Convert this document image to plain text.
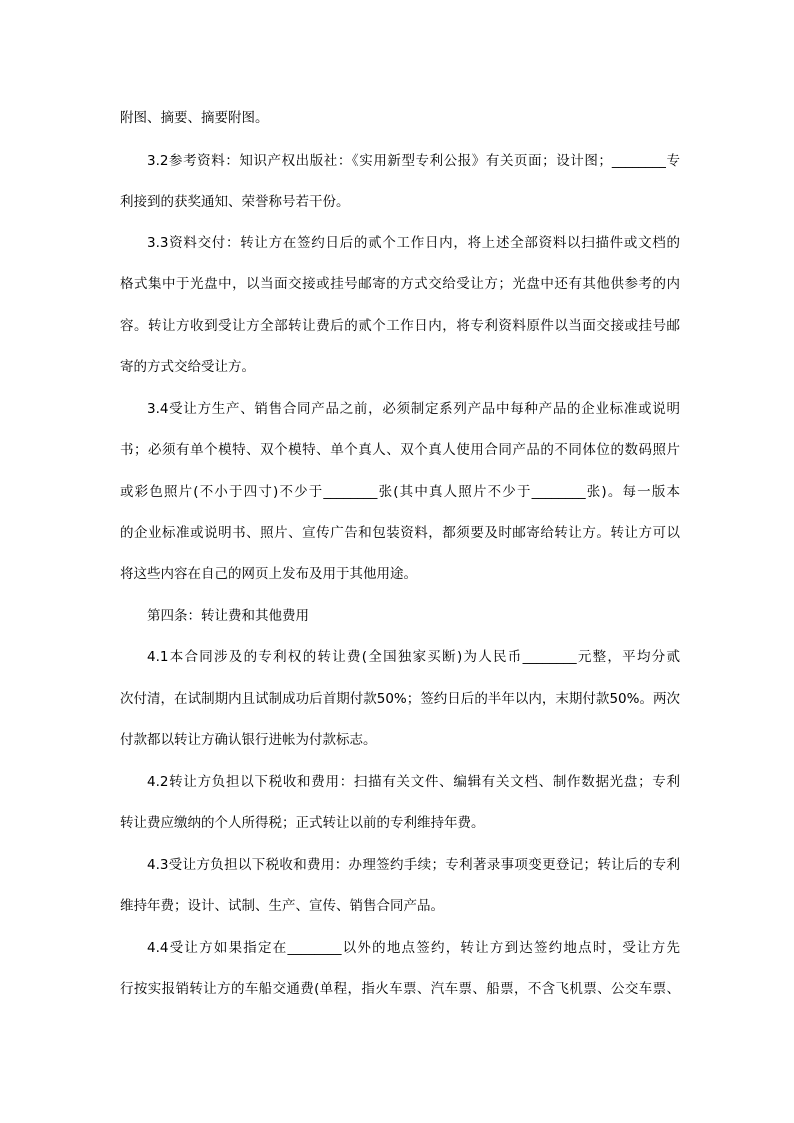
附图、摘要、摘要附图。
3.2参考资料：知识产权出版社：《实用新型专利公报》有关页面；设计图；________专
利接到的获奖通知、荣誉称号若干份。
3.3资料交付：转让方在签约日后的贰个工作日内，将上述全部资料以扫描件或文档的
格式集中于光盘中，以当面交接或挂号邮寄的方式交给受让方；光盘中还有其他供参考的内
容。转让方收到受让方全部转让费后的贰个工作日内，将专利资料原件以当面交接或挂号邮
寄的方式交给受让方。
3.4受让方生产、销售合同产品之前，必须制定系列产品中每种产品的企业标准或说明
书；必须有单个模特、双个模特、单个真人、双个真人使用合同产品的不同体位的数码照片
或彩色照片(不小于四寸)不少于________张(其中真人照片不少于________张)。每一版本
的企业标准或说明书、照片、宣传广告和包装资料，都须要及时邮寄给转让方。转让方可以
将这些内容在自己的网页上发布及用于其他用途。
第四条：转让费和其他费用
4.1本合同涉及的专利权的转让费(全国独家买断)为人民币________元整，平均分贰
次付清，在试制期内且试制成功后首期付款50%；签约日后的半年以内，末期付款50%。两次
付款都以转让方确认银行进帐为付款标志。
4.2转让方负担以下税收和费用：扫描有关文件、编辑有关文档、制作数据光盘；专利
转让费应缴纳的个人所得税；正式转让以前的专利维持年费。
4.3受让方负担以下税收和费用：办理签约手续；专利著录事项变更登记；转让后的专利
维持年费；设计、试制、生产、宣传、销售合同产品。
4.4受让方如果指定在________以外的地点签约，转让方到达签约地点时，受让方先
行按实报销转让方的车船交通费(单程，指火车票、汽车票、船票，不含飞机票、公交车票、
